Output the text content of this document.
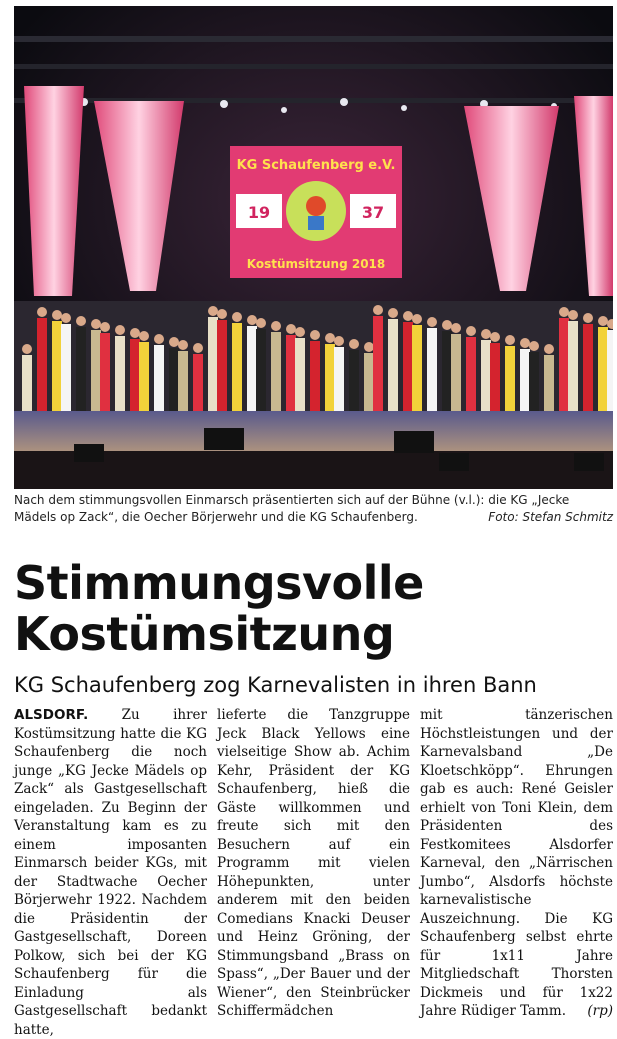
KG Schaufenberg e.V.
19	37
Kostümsitzung 2018
Nach dem stimmungsvollen Einmarsch präsentierten sich auf der Bühne (v.l.): die KG „Jecke Mädels op Zack“, die Oecher Börjerwehr und die KG Schaufenberg.	Foto: Stefan Schmitz
Stimmungsvolle
Kostümsitzung
KG Schaufenberg zog Karnevalisten in ihren Bann
ALSDORF. Zu ihrer Kostümsitzung hatte die KG Schaufenberg die noch junge „KG Jecke Mädels op Zack“ als Gastgesellschaft eingeladen. Zu Beginn der Veranstaltung kam es zu einem imposanten Einmarsch beider KGs, mit der Stadtwache Oecher Börjerwehr 1922. Nachdem die Präsidentin der Gastgesellschaft, Doreen Polkow, sich bei der KG Schaufenberg für die Einladung als Gastgesellschaft bedankt hatte,
lieferte die Tanzgruppe Jeck Black Yellows eine vielseitige Show ab. Achim Kehr, Präsident der KG Schaufenberg, hieß die Gäste willkommen und freute sich mit den Besuchern auf ein Programm mit vielen Höhepunkten, unter anderem mit den beiden Comedians Knacki Deuser und Heinz Gröning, der Stimmungsband „Brass on Spass“, „Der Bauer und der Wiener“, den Steinbrücker Schiffermädchen
mit tänzerischen Höchstleistungen und der Karnevalsband „De Kloetschköpp“. Ehrungen gab es auch: René Geisler erhielt von Toni Klein, dem Präsidenten des Festkomitees Alsdorfer Karneval, den „Närrischen Jumbo“, Alsdorfs höchste karnevalistische Auszeichnung. Die KG Schaufenberg selbst ehrte für 1x11 Jahre Mitgliedschaft Thorsten Dickmeis und für 1x22 Jahre Rüdiger Tamm. (rp)
